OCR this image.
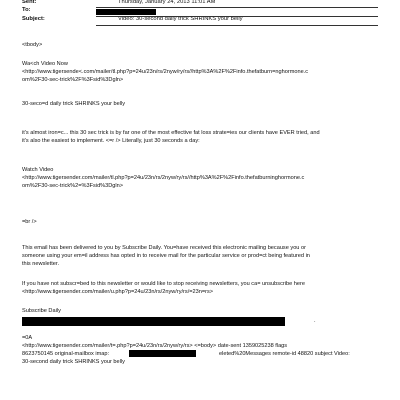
Sent:	Thursday, January 24, 2013 11:01 AM
To:
Subject:	Video: 30-second daily trick SHRINKS your belly
<tbody>
Wa<ch Video Now
<http://www.tigersende<.com/mailer/tl.php?p=24u/23n/rs/2nyw/ry/rs//http%3A%2F%2Finfo.thefatburn=nghormone.c
om%2F30-sec-trick%2F%3Fsid%3Dgln>
30-seco=d daily trick SHRINKS your belly
it's almost iron=c... this 30 sec trick is by far one of the most effective fat loss strate=ies our clients have EVER tried, and
it's also the easiest to implement. <=r /> Literally, just 30 seconds a day:
Watch Video
<http://www.tigersender.com/mailer/tl.php?p=24u/23n/rs/2nyw/ry/rs//http%3A%2F%2Finfo.thefatburninghormone.c
om%2F30-sec-trick%2=%3Fsid%3Dgln>
=br />
This email has been delivered to you by Subscribe Daily. You=have received this electronic mailing because you or
someone using your em=il address has opted in to receive mail for the particular service or prod=ct being featured in
this newsletter.
If you have not subscr=bed to this newsletter or would like to stop receiving newsletters, you ca= unsubscribe here
<http://www.tigersender.com/mailer/u.php?p=24u/23n/rs/2nyw/ry/rs/=23n=rs>
Subscribe Daily
.
=0A
<http://www.tigersender.com/mailer/t=.php?p=24u/23n/rs/2nyw/ry/rs> <=body> date-sent 1359025238 flags
8623750145 original-mailbox imap:	eleted%20Messages remote-id 48820 subject Video:
30-second daily trick SHRINKS your belly
